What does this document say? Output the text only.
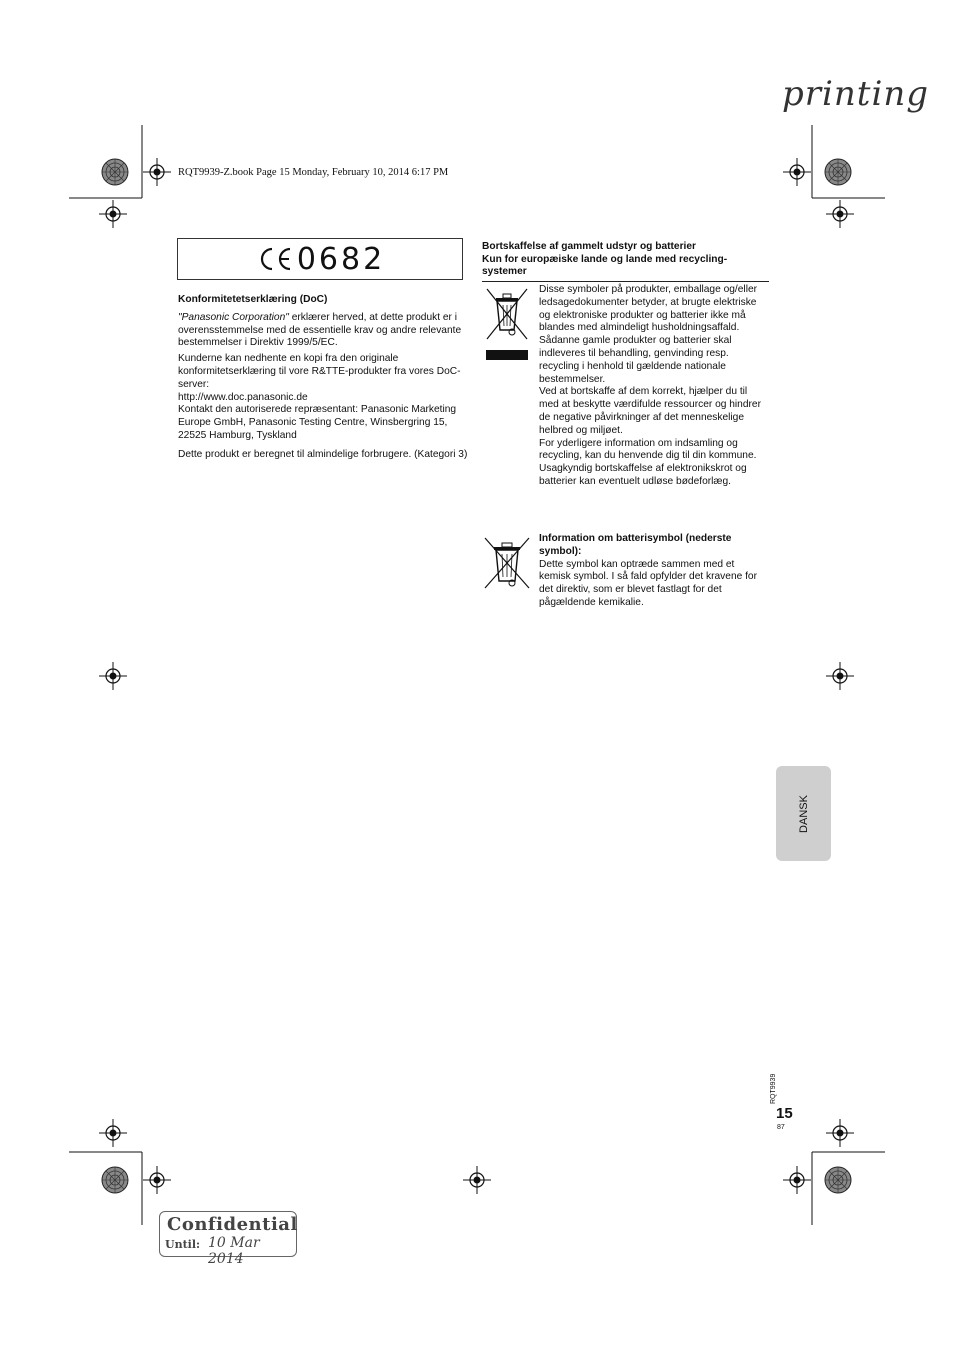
printing
RQT9939-Z.book Page 15 Monday, February 10, 2014 6:17 PM
0682

Konformitetetserklæring (DoC)

"Panasonic Corporation" erklærer herved, at dette produkt er i overensstemmelse med de essentielle krav og andre relevante bestemmelser i Direktiv 1999/5/EC.

Kunderne kan nedhente en kopi fra den originale konformitetserklæring til vore R&TTE-produkter fra vores DoC-server:

http://www.doc.panasonic.de

Kontakt den autoriserede repræsentant: Panasonic Marketing Europe GmbH, Panasonic Testing Centre, Winsbergring 15, 22525 Hamburg, Tyskland

Dette produkt er beregnet til almindelige forbrugere. (Kategori 3)

Bortskaffelse af gammelt udstyr og batterier
Kun for europæiske lande og lande med recycling-systemer

Disse symboler på produkter, emballage og/eller ledsagedokumenter betyder, at brugte elektriske og elektroniske produkter og batterier ikke må blandes med almindeligt husholdningsaffald.

Sådanne gamle produkter og batterier skal indleveres til behandling, genvinding resp. recycling i henhold til gældende nationale bestemmelser.

Ved at bortskaffe af dem korrekt, hjælper du til med at beskytte værdifulde ressourcer og hindrer de negative påvirkninger af det menneskelige helbred og miljøet.

For yderligere information om indsamling og recycling, kan du henvende dig til din kommune.

Usagkyndig bortskaffelse af elektronikskrot og batterier kan eventuelt udløse bødeforlæg.

Information om batterisymbol (nederste symbol):

Dette symbol kan optræde sammen med et kemisk symbol. I så fald opfylder det kravene for det direktiv, som er blevet fastlagt for det pågældende kemikalie.

DANSK
RQT9939
15
87
Confidential
Until: 10 Mar 2014
